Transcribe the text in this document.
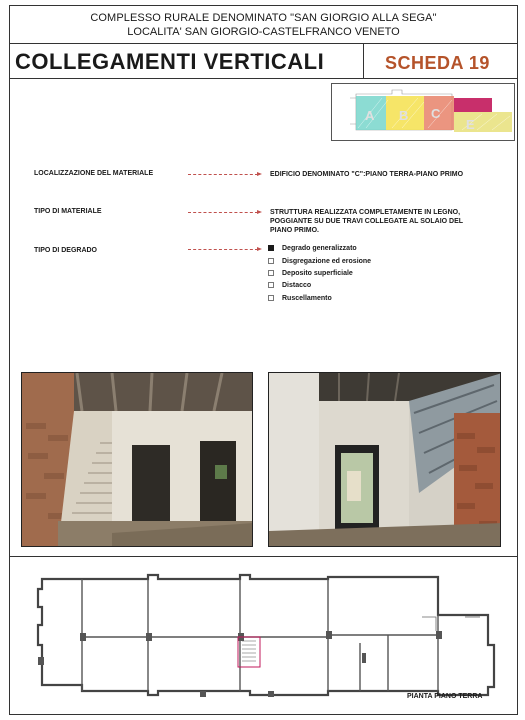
COMPLESSO RURALE DENOMINATO "SAN GIORGIO ALLA SEGA"
LOCALITA' SAN GIORGIO-CASTELFRANCO VENETO
COLLEGAMENTI VERTICALI	SCHEDA 19
A B C
E
LOCALIZZAZIONE DEL MATERIALE	EDIFICIO DENOMINATO "C":PIANO TERRA-PIANO PRIMO
TIPO DI MATERIALE	STRUTTURA REALIZZATA COMPLETAMENTE IN LEGNO,
POGGIANTE SU DUE TRAVI COLLEGATE AL SOLAIO DEL
PIANO PRIMO.
TIPO DI DEGRADO	Degrado generalizzato
Disgregazione ed erosione
Deposito superficiale
Distacco
Ruscellamento
PIANTA PIANO TERRA
